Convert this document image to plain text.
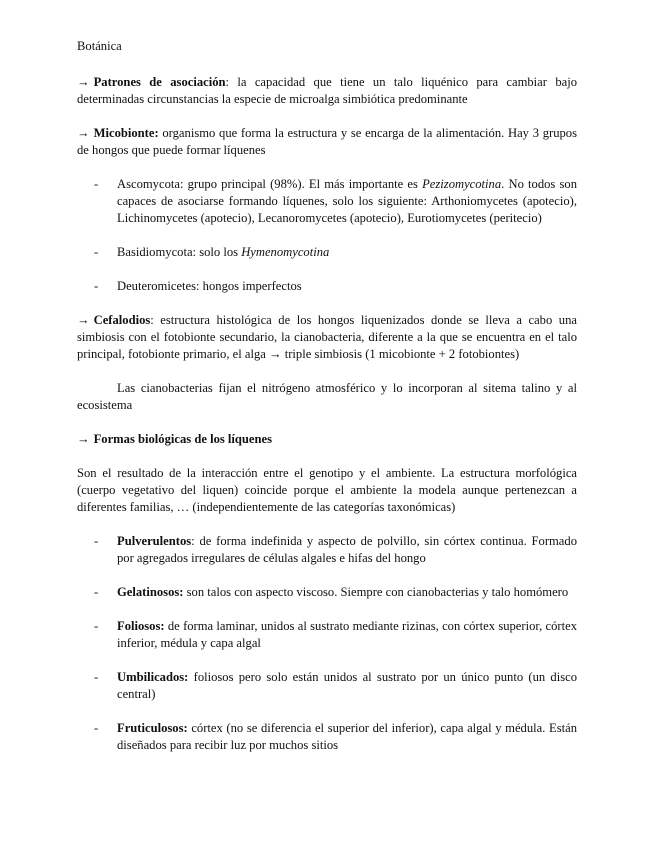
Botánica

→ Patrones de asociación: la capacidad que tiene un talo liquénico para cambiar bajo determinadas circunstancias la especie de microalga simbiótica predominante

→ Micobionte: organismo que forma la estructura y se encarga de la alimentación. Hay 3 grupos de hongos que puede formar líquenes

- Ascomycota: grupo principal (98%). El más importante es Pezizomycotina. No todos son capaces de asociarse formando líquenes, solo los siguiente: Arthoniomycetes (apotecio), Lichinomycetes (apotecio), Lecanoromycetes (apotecio), Eurotiomycetes (peritecio)
- Basidiomycota: solo los Hymenomycotina
- Deuteromicetes: hongos imperfectos

→ Cefalodios: estructura histológica de los hongos liquenizados donde se lleva a cabo una simbiosis con el fotobionte secundario, la cianobacteria, diferente a la que se encuentra en el talo principal, fotobionte primario, el alga → triple simbiosis (1 micobionte + 2 fotobiontes)

Las cianobacterias fijan el nitrógeno atmosférico y lo incorporan al sitema talino y al ecosistema

→ Formas biológicas de los líquenes

Son el resultado de la interacción entre el genotipo y el ambiente. La estructura morfológica (cuerpo vegetativo del liquen) coincide porque el ambiente la modela aunque pertenezcan a diferentes familias, … (independientemente de las categorías taxonómicas)

- Pulverulentos: de forma indefinida y aspecto de polvillo, sin córtex continua. Formado por agregados irregulares de células algales e hifas del hongo
- Gelatinosos: son talos con aspecto viscoso. Siempre con cianobacterias y talo homómero
- Foliosos: de forma laminar, unidos al sustrato mediante rizinas, con córtex superior, córtex inferior, médula y capa algal
- Umbilicados: foliosos pero solo están unidos al sustrato por un único punto (un disco central)
- Fruticulosos: córtex (no se diferencia el superior del inferior), capa algal y médula. Están diseñados para recibir luz por muchos sitios
